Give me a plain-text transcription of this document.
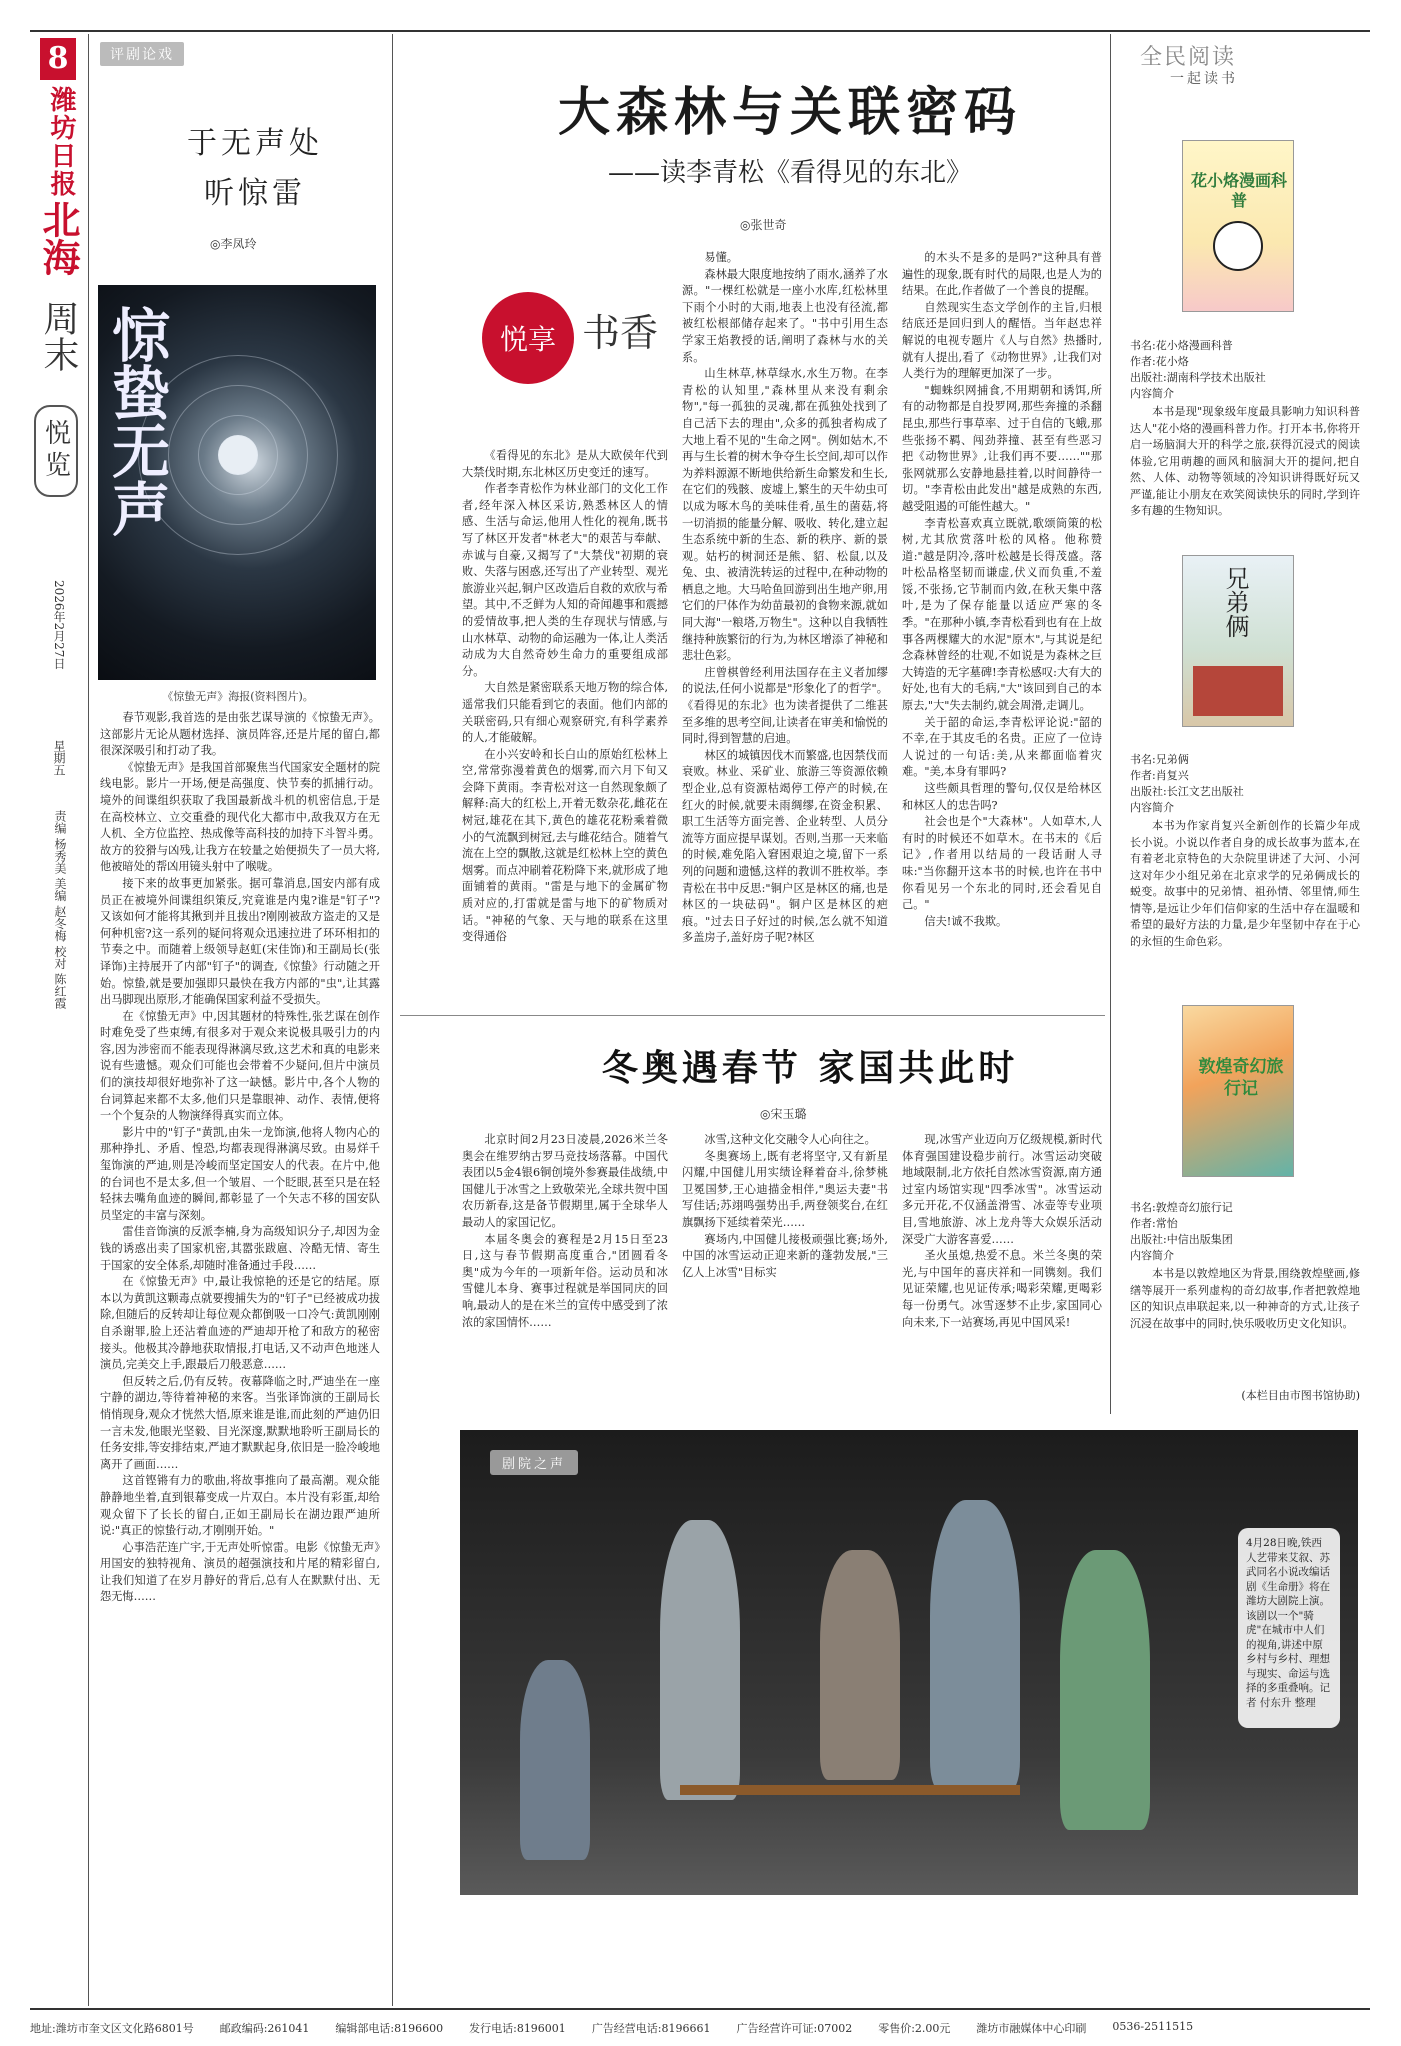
8
潍坊日报
北海
周末
悦览
2026年2月27日
星期五
责编 杨秀美 美编 赵冬梅 校对 陈红霞
评剧论戏
于无声处
听惊雷
◎李凤玲
惊蛰无声
《惊蛰无声》海报(资料图片)。

春节观影,我首选的是由张艺谋导演的《惊蛰无声》。这部影片无论从题材选择、演员阵容,还是片尾的留白,都很深深吸引和打动了我。

《惊蛰无声》是我国首部聚焦当代国家安全题材的院线电影。影片一开场,便是高强度、快节奏的抓捕行动。境外的间谍组织获取了我国最新战斗机的机密信息,于是在高校林立、立交重叠的现代化大都市中,敌我双方在无人机、全方位监控、热成像等高科技的加持下斗智斗勇。故方的狡猾与凶残,让我方在较量之始便损失了一员大将,他被暗处的帮凶用镜头射中了喉咙。

接下来的故事更加紧张。据可靠消息,国安内部有成员正在被境外间谍组织策反,究竟谁是内鬼?谁是"钉子"?又该如何才能将其揪到并且拔出?刚刚被敌方盗走的又是何种机密?这一系列的疑问将观众迅速拉进了环环相扣的节奏之中。而随着上级领导赵虹(宋佳饰)和王副局长(张译饰)主持展开了内部"钉子"的调查,《惊蛰》行动随之开始。惊蛰,就是要加强即只最快在我方内部的"虫",让其露出马脚现出原形,才能确保国家利益不受损失。

在《惊蛰无声》中,因其题材的特殊性,张艺谋在创作时难免受了些束缚,有很多对于观众来说极具吸引力的内容,因为涉密而不能表现得淋漓尽致,这艺术和真的电影来说有些遗憾。观众们可能也会带着不少疑问,但片中演员们的演技却很好地弥补了这一缺憾。影片中,各个人物的台词算起来都不太多,他们只是靠眼神、动作、表情,便将一个个复杂的人物演绎得真实而立体。

影片中的"钉子"黄凯,由朱一龙饰演,他将人物内心的那种挣扎、矛盾、惶恐,均都表现得淋漓尽致。由易烊千玺饰演的严迪,则是冷峻而坚定国安人的代表。在片中,他的台词也不是太多,但一个皱眉、一个眨眼,甚至只是在轻轻抹去嘴角血迹的瞬间,都彰显了一个矢志不移的国安队员坚定的丰富与深刻。

雷佳音饰演的反派李楠,身为高级知识分子,却因为金钱的诱惑出卖了国家机密,其嚣张跋扈、冷酷无情、寄生于国家的安全体系,却随时准备通过手段……

在《惊蛰无声》中,最让我惊艳的还是它的结尾。原本以为黄凯这颗毒点就要搜捕失为的"钉子"已经被成功拔除,但随后的反转却让每位观众都倒吸一口冷气:黄凯刚刚自杀谢罪,脸上还沾着血迹的严迪却开枪了和敌方的秘密接头。他极其冷静地获取情报,打电话,又不动声色地迷人演员,完美交上手,跟最后刀般恶意……

但反转之后,仍有反转。夜幕降临之时,严迪坐在一座宁静的湖边,等待着神秘的来客。当张译饰演的王副局长悄悄现身,观众才恍然大悟,原来谁是谁,而此刻的严迪仍旧一言未发,他眼光坚毅、目光深邃,默默地聆听王副局长的任务安排,等安排结束,严迪才默默起身,依旧是一脸冷峻地离开了画面……

这首铿锵有力的歌曲,将故事推向了最高潮。观众能静静地坐着,直到银幕变成一片双白。本片没有彩蛋,却给观众留下了长长的留白,正如王副局长在湖边跟严迪所说:"真正的惊蛰行动,才刚刚开始。"

心事浩茫连广宇,于无声处听惊雷。电影《惊蛰无声》用国安的独特视角、演员的超强演技和片尾的精彩留白,让我们知道了在岁月静好的背后,总有人在默默付出、无怨无悔……

大森林与关联密码
——读李青松《看得见的东北》
◎张世奇
悦享 书香

《看得见的东北》是从大欧侯年代到大禁伐时期,东北林区历史变迁的速写。

作者李青松作为林业部门的文化工作者,经年深入林区采访,熟悉林区人的情感、生活与命运,他用人性化的视角,既书写了林区开发者"林老大"的艰苦与奉献、赤诚与自豪,又揭写了"大禁伐"初期的衰败、失落与困惑,还写出了产业转型、观光旅游业兴起,铜户区改造后自救的欢欣与希望。其中,不乏鲜为人知的奇闻趣事和震撼的爱情故事,把人类的生存现状与情感,与山水林草、动物的命运融为一体,让人类活动成为大自然奇妙生命力的重要组成部分。

大自然是紧密联系天地万物的综合体,遥常我们只能看到它的表面。他们内部的关联密码,只有细心观察研究,有科学素养的人,才能破解。

在小兴安岭和长白山的原始红松林上空,常常弥漫着黄色的烟雾,而六月下旬又会降下黄雨。李青松对这一自然现象颇了解释:高大的红松上,开着无数杂花,雌花在树冠,雄花在其下,黄色的雄花花粉乘着微小的气流飘到树冠,去与雌花结合。随着气流在上空的飘散,这就是红松林上空的黄色烟雾。而点冲刷着花粉降下来,就形成了地面铺着的黄雨。"雷是与地下的金属矿物质对应的,打雷就是雷与地下的矿物质对话。"神秘的气象、天与地的联系在这里变得通俗

易懂。

森林最大限度地按纳了雨水,涵养了水源。"一棵红松就是一座小水库,红松林里下雨个小时的大雨,地表上也没有径流,都被红松根部储存起来了。"书中引用生态学家王焰教授的话,阐明了森林与水的关系。

山生林草,林草绿水,水生万物。在李青松的认知里,"森林里从来没有剩余物","每一孤独的灵魂,都在孤独处找到了自己活下去的理由",众多的孤独者构成了大地上看不见的"生命之网"。例如姑木,不再与生长着的树木争夺生长空间,却可以作为养料源源不断地供给新生命繁发和生长,在它们的残骸、废墟上,繁生的天牛幼虫可以成为啄木鸟的美味佳肴,虽生的菌菇,将一切消损的能量分解、吸收、转化,建立起生态系统中新的生态、新的秩序、新的景观。姑朽的树洞还是熊、貂、松鼠,以及兔、虫、被清洗转运的过程中,在种动物的栖息之地。大马哈鱼回游到出生地产卵,用它们的尸体作为幼苗最初的食物来源,就如同大海"一粮塔,万物生"。这种以自我牺牲继持种族繁衍的行为,为林区增添了神秘和悲壮色彩。

庄曾棋曾经利用法国存在主义者加缪的说法,任何小说都是"形象化了的哲学"。《看得见的东北》也为读者提供了二维甚至多维的思考空间,让读者在审美和愉悦的同时,得到智慧的启迪。

林区的城镇因伐木而繁盛,也因禁伐而衰败。林业、采矿业、旅游三等资源依赖型企业,总有资源枯竭停工停产的时候,在红火的时候,就要未雨绸缪,在资金积累、职工生活等方面完善、企业转型、人员分流等方面应提早谋划。否则,当那一天来临的时候,难免陷入窘困艰迫之境,留下一系列的问题和遗憾,这样的教训不胜枚举。李青松在书中反思:"铜户区是林区的痛,也是林区的一块砝码"。铜户区是林区的疤痕。"过去日子好过的时候,怎么就不知道多盖房子,盖好房子呢?林区

的木头不是多的是吗?"这种具有普遍性的现象,既有时代的局限,也是人为的结果。在此,作者做了一个善良的提醒。

自然现实生态文学创作的主旨,归根结底还是回归到人的醒悟。当年赵忠祥解说的电视专题片《人与自然》热播时,就有人提出,看了《动物世界》,让我们对人类行为的理解更加深了一步。

"蜘蛛织网捕食,不用期朝和诱饵,所有的动物都是自投罗网,那些奔撞的杀翻昆虫,那些行事草率、过于自信的飞蛾,那些张扬不羁、闯劲莽撞、甚至有些恶习把《动物世界》,让我们再不要……""那张网就那么安静地悬挂着,以时间静待一切。"李青松由此发出"越是成熟的东西,越受阻遏的可能性越大。"

李青松喜欢真立既就,歌颂筒策的松树,尤其欣赏落叶松的风格。他称赞道:"越是阴冷,落叶松越是长得茂盛。落叶松品格坚韧而谦虚,伏义而负重,不羞馁,不张扬,它节制而内敛,在秋天集中落叶,是为了保存能量以适应严寒的冬季。"在那种小镇,李青松看到也有在上故事各两棵耀大的水泥"原木",与其说是纪念森林曾经的壮观,不如说是为森林之巨大铸造的无字墓碑!李青松感叹:大有大的好处,也有大的毛病,"大"该回到自己的本原去,"大"失去制约,就会周滑,走调儿。

关于韶的命运,李青松评论说:"韶的不幸,在于其皮毛的名贵。正应了一位诗人说过的一句话:美,从来都面临着灾难。"美,本身有罪吗?

这些颇具哲理的警句,仅仅是给林区和林区人的忠告吗?

社会也是个"大森林"。人如草木,人有时的时候还不如草木。在书末的《后记》,作者用以结局的一段话耐人寻味:"当你翻开这本书的时候,也许在书中你看见另一个东北的同时,还会看见自己。"

信夫!诚不我欺。

冬奥遇春节 家国共此时
◎宋玉璐

北京时间2月23日凌晨,2026米兰冬奥会在维罗纳古罗马竞技场落幕。中国代表团以5金4银6铜创境外参赛最佳战绩,中国健儿于冰雪之上致敬荣光,全球共贺中国农历新春,这是备节假期里,属于全球华人最动人的家国记忆。

本届冬奥会的赛程是2月15日至23日,这与春节假期高度重合,"团圆看冬奥"成为今年的一项新年俗。运动员和冰雪健儿本身、赛事过程就是举国同庆的回响,最动人的是在米兰的宣传中感受到了浓浓的家国情怀……

冰雪,这种文化交融令人心向往之。

冬奥赛场上,既有老将坚守,又有新星闪耀,中国健儿用实绩诠释着奋斗,徐梦桃卫冕国梦,王心迪描金相伴,"奥运夫妻"书写佳话;苏翊鸣强势出手,两登领奖台,在红旗飘扬下延续着荣光……

赛场内,中国健儿接极顽强比赛;场外,中国的冰雪运动正迎来新的蓬勃发展,"三亿人上冰雪"目标实

现,冰雪产业迈向万亿级规模,新时代体育强国建设稳步前行。冰雪运动突破地域限制,北方依托自然冰雪资源,南方通过室内场馆实现"四季冰雪"。冰雪运动多元开花,不仅涵盖滑雪、冰壶等专业项目,雪地旅游、冰上龙舟等大众娱乐活动深受广大游客喜爱……

圣火虽熄,热爱不息。米兰冬奥的荣光,与中国年的喜庆祥和一同镌刻。我们见证荣耀,也见证传承;喝彩荣耀,更喝彩每一份勇气。冰雪逐梦不止步,家国同心向未来,下一站赛场,再见中国风采!

全民阅读
一起读书
花小烙漫画科普
书名:花小烙漫画科普
作者:花小烙
出版社:湖南科学技术出版社
内容简介
本书是现"现象级年度最具影响力知识科普达人"花小烙的漫画科普力作。打开本书,你将开启一场脑洞大开的科学之旅,获得沉浸式的阅读体验,它用萌趣的画风和脑洞大开的提问,把自然、人体、动物等领域的冷知识讲得既好玩又严谨,能让小朋友在欢笑阅读快乐的同时,学到许多有趣的生物知识。
兄弟俩
书名:兄弟俩
作者:肖复兴
出版社:长江文艺出版社
内容简介
本书为作家肖复兴全新创作的长篇少年成长小说。小说以作者自身的成长故事为蓝本,在有着老北京特色的大杂院里讲述了大河、小河这对年少小组兄弟在北京求学的兄弟俩成长的蜕变。故事中的兄弟情、祖孙情、邻里情,师生情等,是远让少年们信仰家的生活中存在温暖和希望的最好方法的力量,是少年坚韧中存在于心的永恒的生命色彩。
敦煌奇幻旅行记
书名:敦煌奇幻旅行记
作者:常怡
出版社:中信出版集团
内容简介
本书是以敦煌地区为背景,围绕敦煌壁画,修缮等展开一系列虚构的奇幻故事,作者把敦煌地区的知识点串联起来,以一种神奇的方式,让孩子沉浸在故事中的同时,快乐吸收历史文化知识。
(本栏目由市图书馆协助)
剧院之声
4月28日晚,铁西人艺带来艾叙、苏武同名小说改编话剧《生命册》将在潍坊大剧院上演。该剧以一个"骑虎"在城市中人们的视角,讲述中原乡村与乡村、理想与现实、命运与选择的多重叠响。记者 付东升 整理
地址:潍坊市奎文区文化路6801号 邮政编码:261041 编辑部电话:8196600 发行电话:8196001 广告经营电话:8196661 广告经营许可证:07002 零售价:2.00元 潍坊市融媒体中心印刷 0536-2511515
